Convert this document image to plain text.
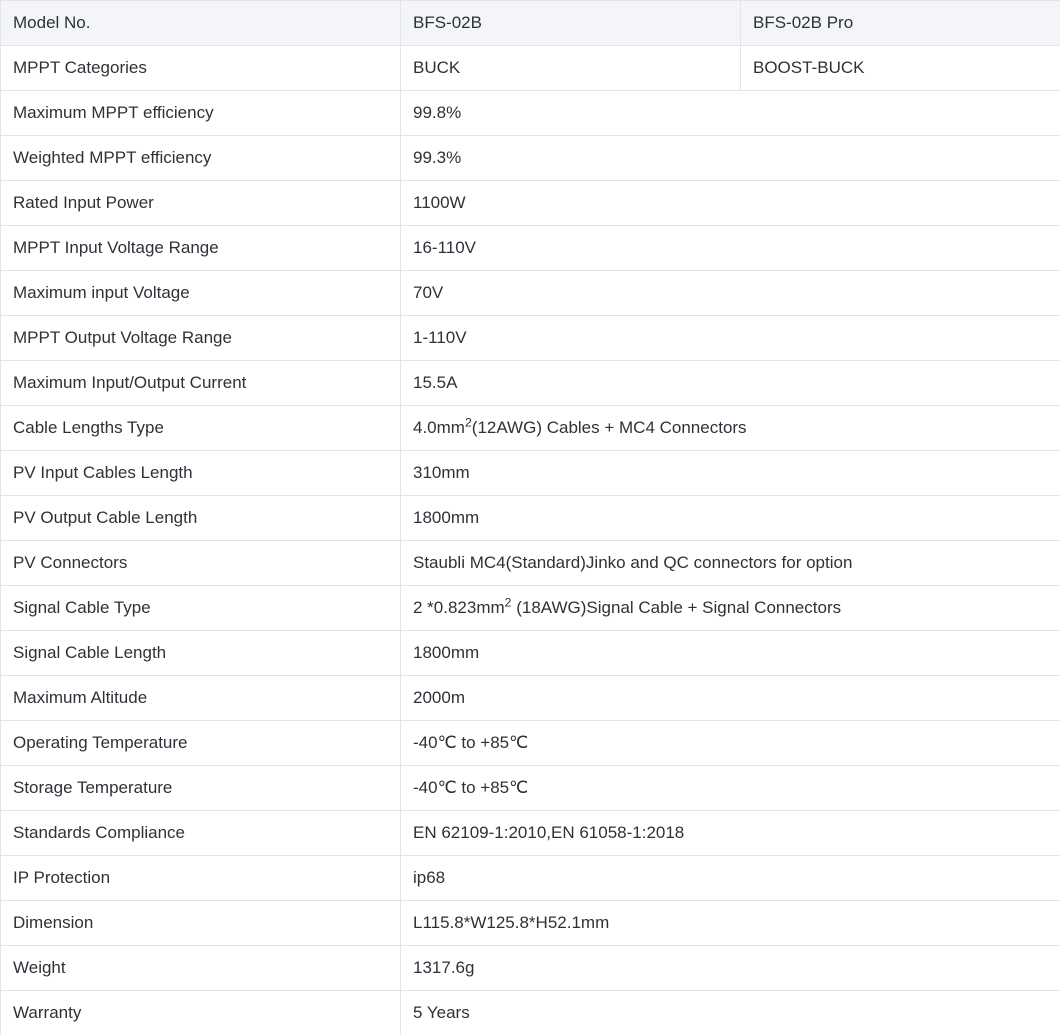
Model No.	BFS-02B	BFS-02B Pro
MPPT Categories	BUCK	BOOST-BUCK
Maximum MPPT efficiency	99.8%	
Weighted MPPT efficiency	99.3%	
Rated Input Power	1100W	
MPPT Input Voltage Range	16-110V	
Maximum input Voltage	70V	
MPPT Output Voltage Range	1-110V	
Maximum Input/Output Current	15.5A	
Cable Lengths Type	$4.0mm^2(12AWG)$ Cables + MC4 Connectors	
PV Input Cables Length	310mm	
PV Output Cable Length	1800mm	
PV Connectors	Staubli MC4(Standard)Jinko and QC connectors for option	
Signal Cable Type	2 $*0.823mm^2$ (18AWG)Signal Cable + Signal Connectors	
Signal Cable Length	1800mm	
Maximum Altitude	2000m	
Operating Temperature	-40℃ to +85℃	
Storage Temperature	-40℃ to +85℃	
Standards Compliance	EN 62109-1:2010,EN 61058-1:2018	
IP Protection	ip68	
Dimension	L115.8*W125.8*H52.1mm	
Weight	1317.6g	
Warranty	5 Years	
